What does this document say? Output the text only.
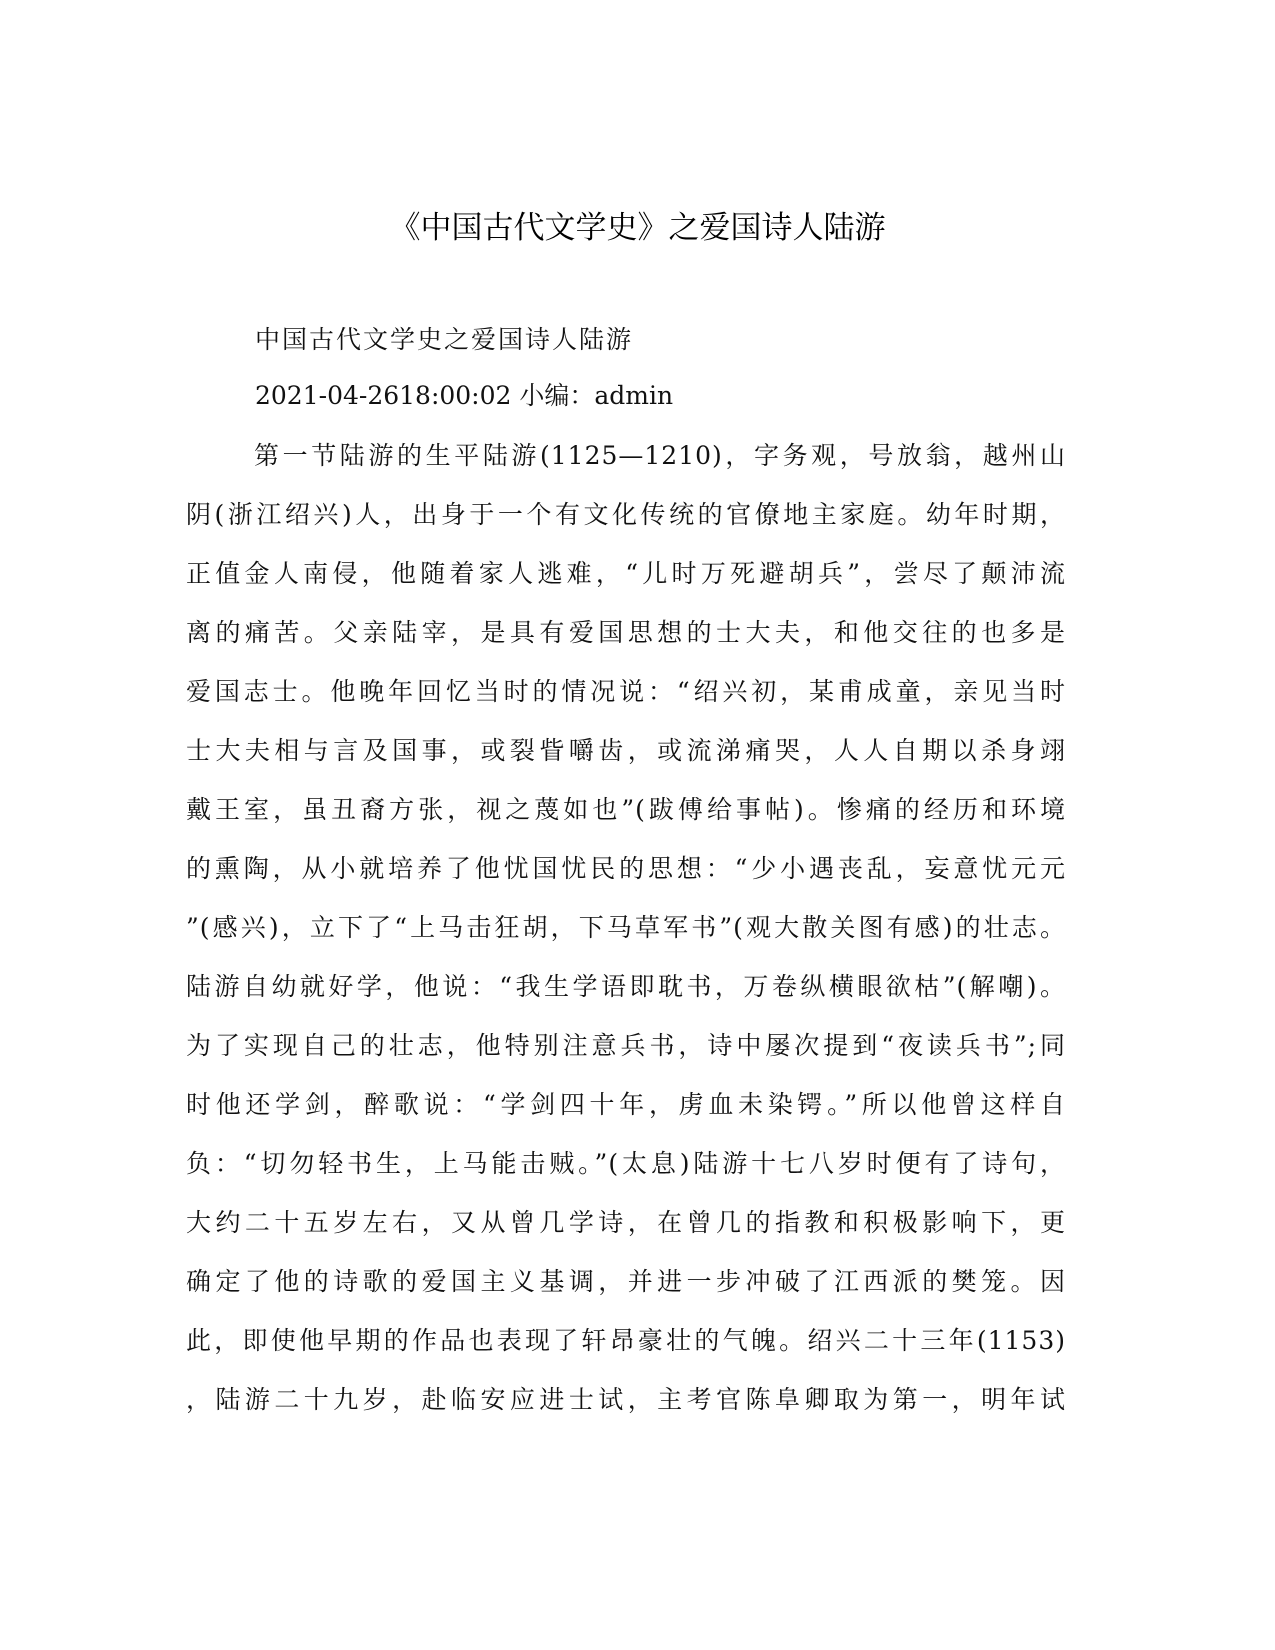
《中国古代文学史》之爱国诗人陆游

中国古代文学史之爱国诗人陆游

2021-04-2618:00:02 小编：admin

第一节陆游的生平陆游(1125—1210)，字务观，号放翁，越州山
阴(浙江绍兴)人，出身于一个有文化传统的官僚地主家庭。幼年时期，
正值金人南侵，他随着家人逃难，“儿时万死避胡兵”，尝尽了颠沛流
离的痛苦。父亲陆宰，是具有爱国思想的士大夫，和他交往的也多是
爱国志士。他晚年回忆当时的情况说：“绍兴初，某甫成童，亲见当时
士大夫相与言及国事，或裂眥嚼齿，或流涕痛哭，人人自期以杀身翊
戴王室，虽丑裔方张，视之蔑如也”(跋傅给事帖)。惨痛的经历和环境
的熏陶，从小就培养了他忧国忧民的思想：“少小遇丧乱，妄意忧元元
”(感兴)，立下了“上马击狂胡，下马草军书”(观大散关图有感)的壮志。
陆游自幼就好学，他说：“我生学语即耽书，万卷纵横眼欲枯”(解嘲)。
为了实现自己的壮志，他特别注意兵书，诗中屡次提到“夜读兵书”;同
时他还学剑，醉歌说：“学剑四十年，虏血未染锷。”所以他曾这样自
负：“切勿轻书生，上马能击贼。”(太息)陆游十七八岁时便有了诗句，
大约二十五岁左右，又从曾几学诗，在曾几的指教和积极影响下，更
确定了他的诗歌的爱国主义基调，并进一步冲破了江西派的樊笼。因
此，即使他早期的作品也表现了轩昂豪壮的气魄。绍兴二十三年(1153)
，陆游二十九岁，赴临安应进士试，主考官陈阜卿取为第一，明年试
